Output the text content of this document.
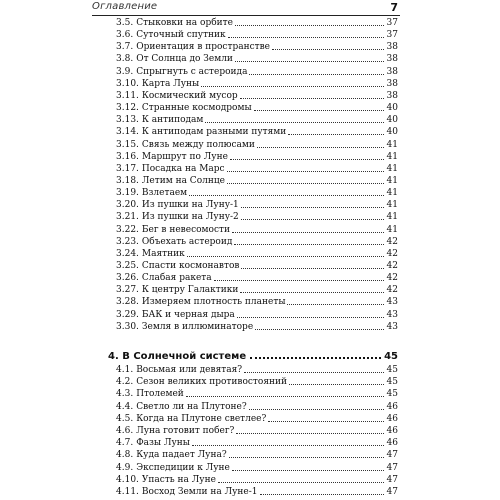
Оглавление	7
3.5. Стыковки на орбите	37
3.6. Суточный спутник	37
3.7. Ориентация в пространстве	38
3.8. От Солнца до Земли	38
3.9. Спрыгнуть с астероида	38
3.10. Карта Луны	38
3.11. Космический мусор	38
3.12. Странные космодромы	40
3.13. К антиподам	40
3.14. К антиподам разными путями	40
3.15. Связь между полюсами	41
3.16. Маршрут по Луне	41
3.17. Посадка на Марс	41
3.18. Летим на Солнце	41
3.19. Взлетаем	41
3.20. Из пушки на Луну-1	41
3.21. Из пушки на Луну-2	41
3.22. Бег в невесомости	41
3.23. Объехать астероид	42
3.24. Маятник	42
3.25. Спасти космонавтов	42
3.26. Слабая ракета	42
3.27. К центру Галактики	42
3.28. Измеряем плотность планеты	43
3.29. БАК и черная дыра	43
3.30. Земля в иллюминаторе	43
4. В Солнечной системе	45
4.1. Восьмая или девятая?	45
4.2. Сезон великих противостояний	45
4.3. Птолемей	45
4.4. Светло ли на Плутоне?	46
4.5. Когда на Плутоне светлее?	46
4.6. Луна готовит побег?	46
4.7. Фазы Луны	46
4.8. Куда падает Луна?	47
4.9. Экспедиции к Луне	47
4.10. Упасть на Луне	47
4.11. Восход Земли на Луне-1	47
